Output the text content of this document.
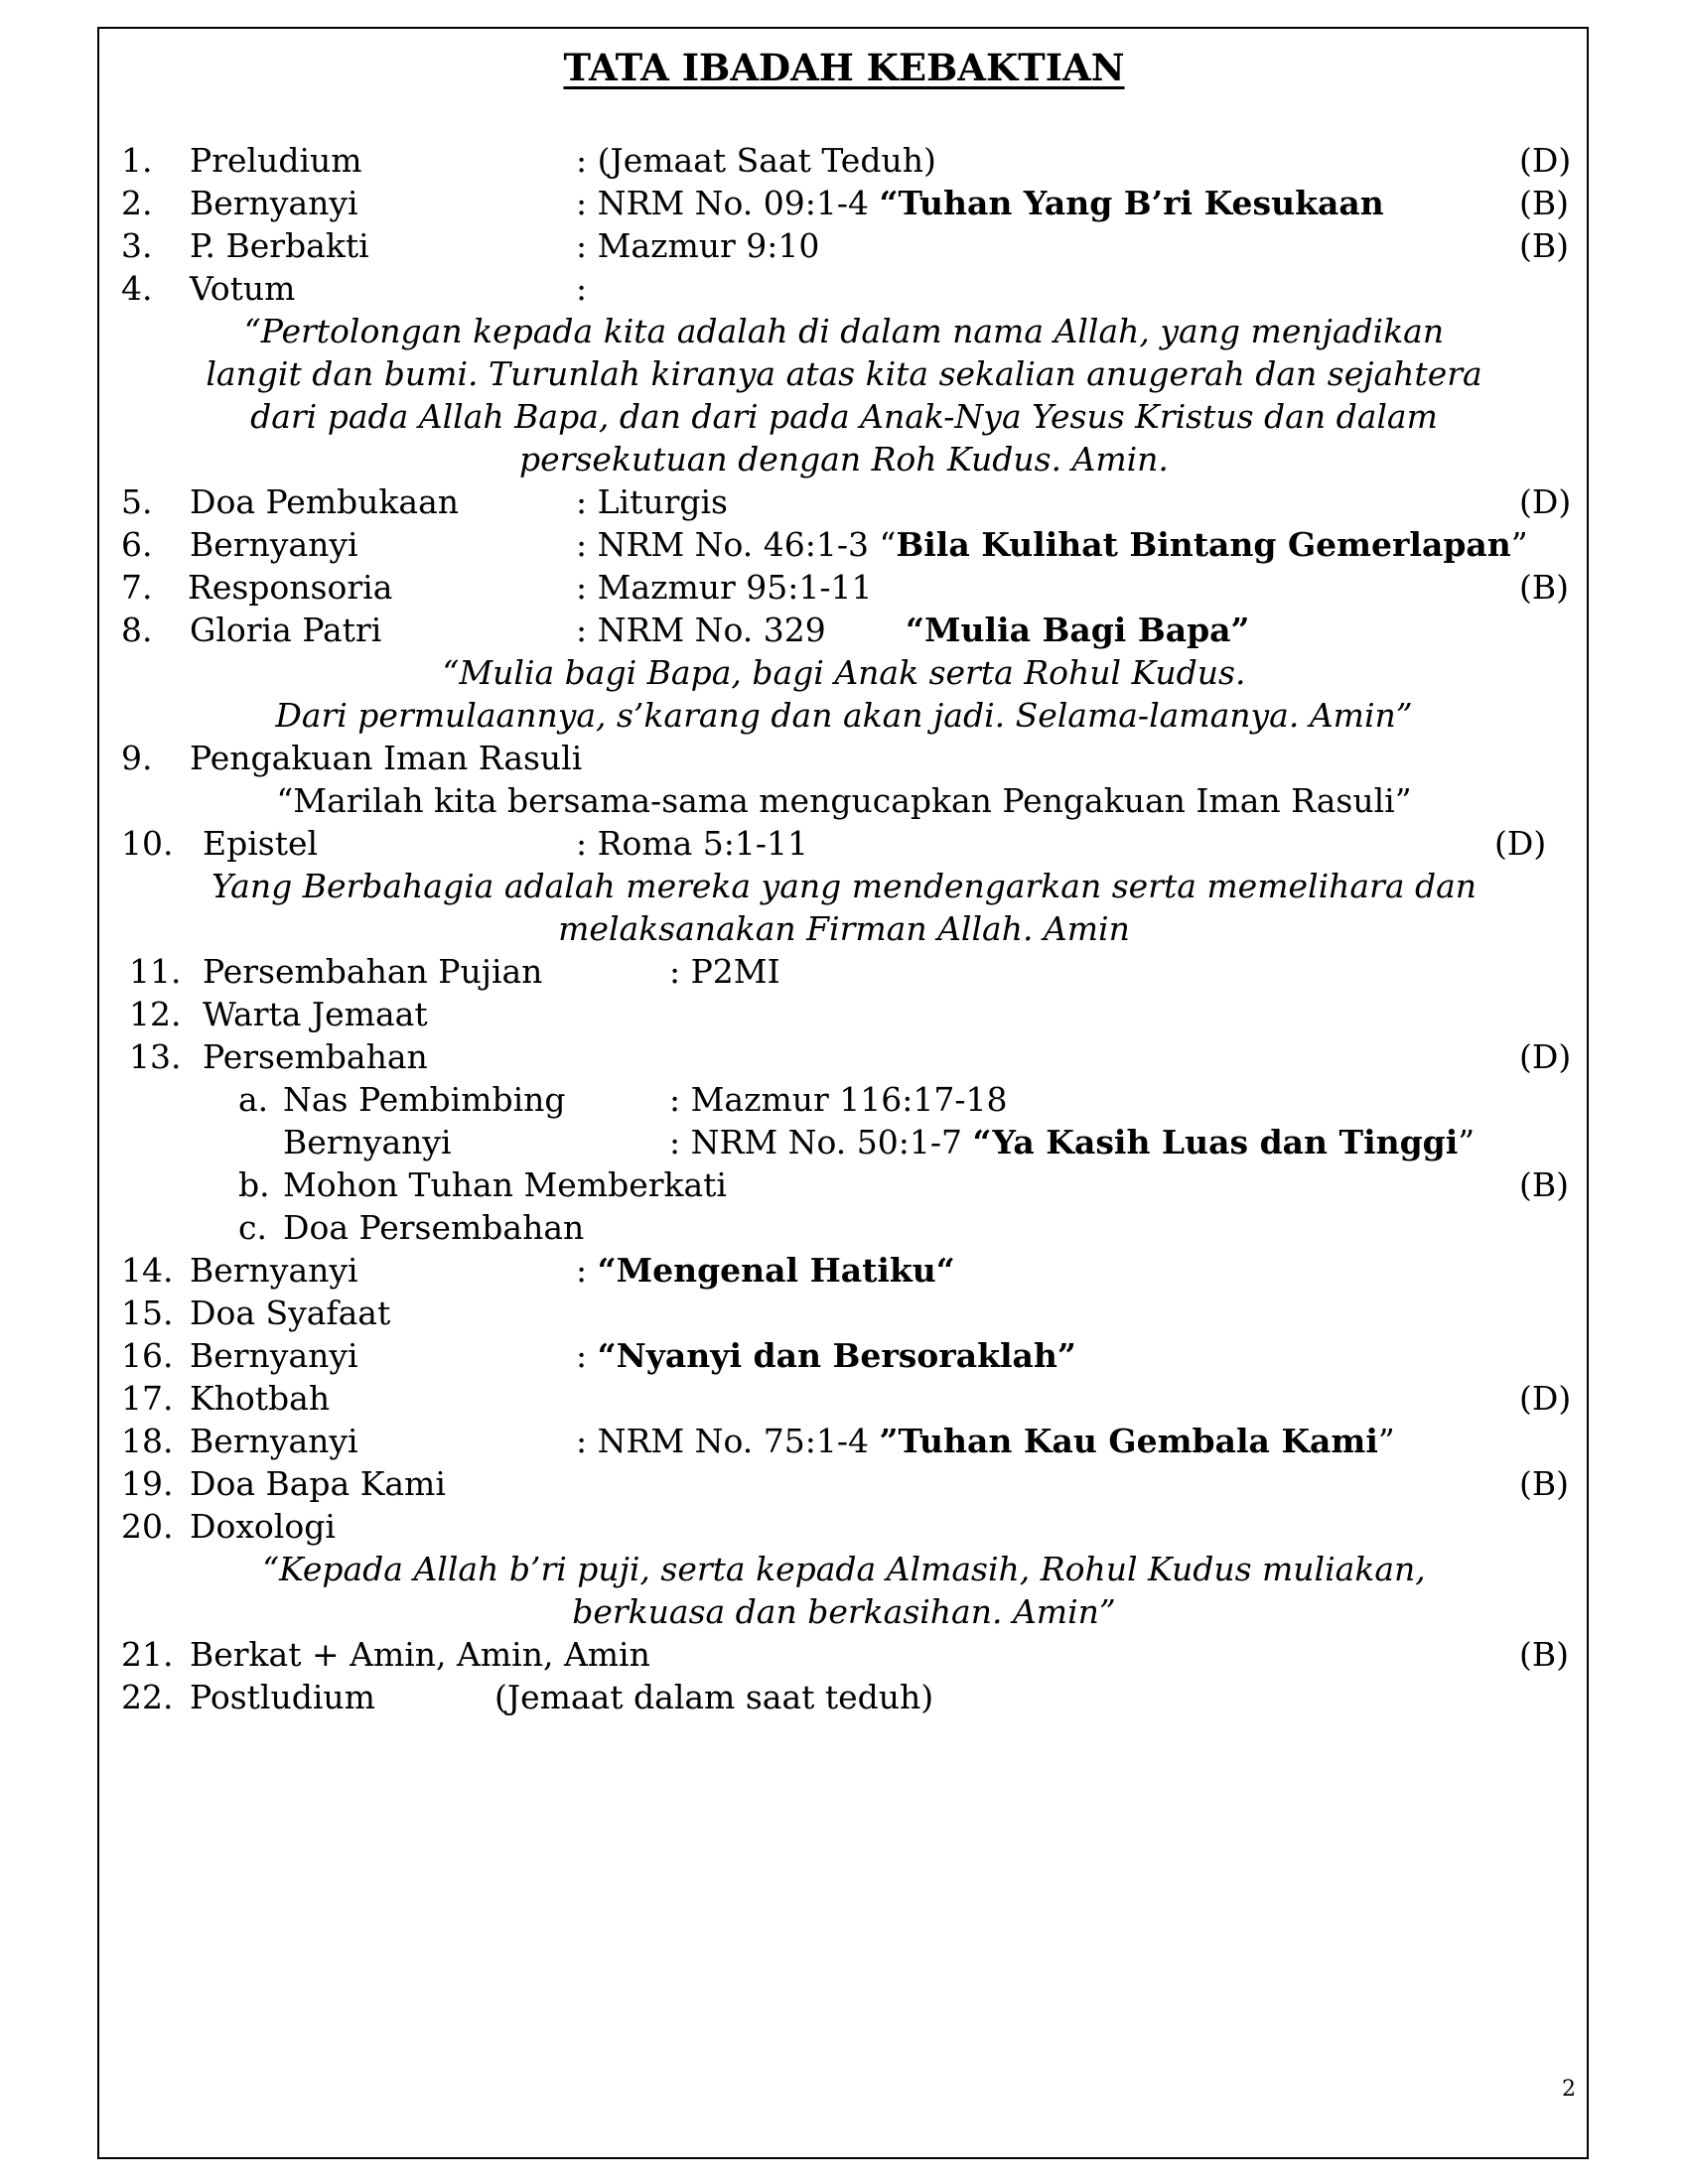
TATA IBADAH KEBAKTIAN
1. Preludium	: (Jemaat Saat Teduh)	(D)
2. Bernyanyi	: NRM No. 09:1-4 “Tuhan Yang B’ri Kesukaan	(B)
3. P. Berbakti	: Mazmur 9:10	(B)
4. Votum	:
5. Doa Pembukaan	: Liturgis	(D)
6. Bernyanyi	: NRM No. 46:1-3 “Bila Kulihat Bintang Gemerlapan”
7. Responsoria	: Mazmur 95:1-11	(B)
8. Gloria Patri	: NRM No. 329 “Mulia Bagi Bapa”
9. Pengakuan Iman Rasuli
10. Epistel	: Roma 5:1-11	(D)
11. Persembahan Pujian	: P2MI
12. Warta Jemaat
13. Persembahan	(D)
a. Nas Pembimbing	: Mazmur 116:17-18
Bernyanyi	: NRM No. 50:1-7 “Ya Kasih Luas dan Tinggi”
b. Mohon Tuhan Memberkati	(B)
c. Doa Persembahan
14. Bernyanyi	: “Mengenal Hatiku“
15. Doa Syafaat
16. Bernyanyi	: “Nyanyi dan Bersoraklah”
17. Khotbah	(D)
18. Bernyanyi	: NRM No. 75:1-4 ”Tuhan Kau Gembala Kami”
19. Doa Bapa Kami	(B)
20. Doxologi
21. Berkat + Amin, Amin, Amin	(B)
22. Postludium	(Jemaat dalam saat teduh)
“Pertolongan kepada kita adalah di dalam nama Allah, yang menjadikan
langit dan bumi. Turunlah kiranya atas kita sekalian anugerah dan sejahtera
dari pada Allah Bapa, dan dari pada Anak-Nya Yesus Kristus dan dalam
persekutuan dengan Roh Kudus. Amin.
“Mulia bagi Bapa, bagi Anak serta Rohul Kudus.
Dari permulaannya, s’karang dan akan jadi. Selama-lamanya. Amin”
“Marilah kita bersama-sama mengucapkan Pengakuan Iman Rasuli”
Yang Berbahagia adalah mereka yang mendengarkan serta memelihara dan
melaksanakan Firman Allah. Amin
“Kepada Allah b’ri puji, serta kepada Almasih, Rohul Kudus muliakan,
berkuasa dan berkasihan. Amin”
2
